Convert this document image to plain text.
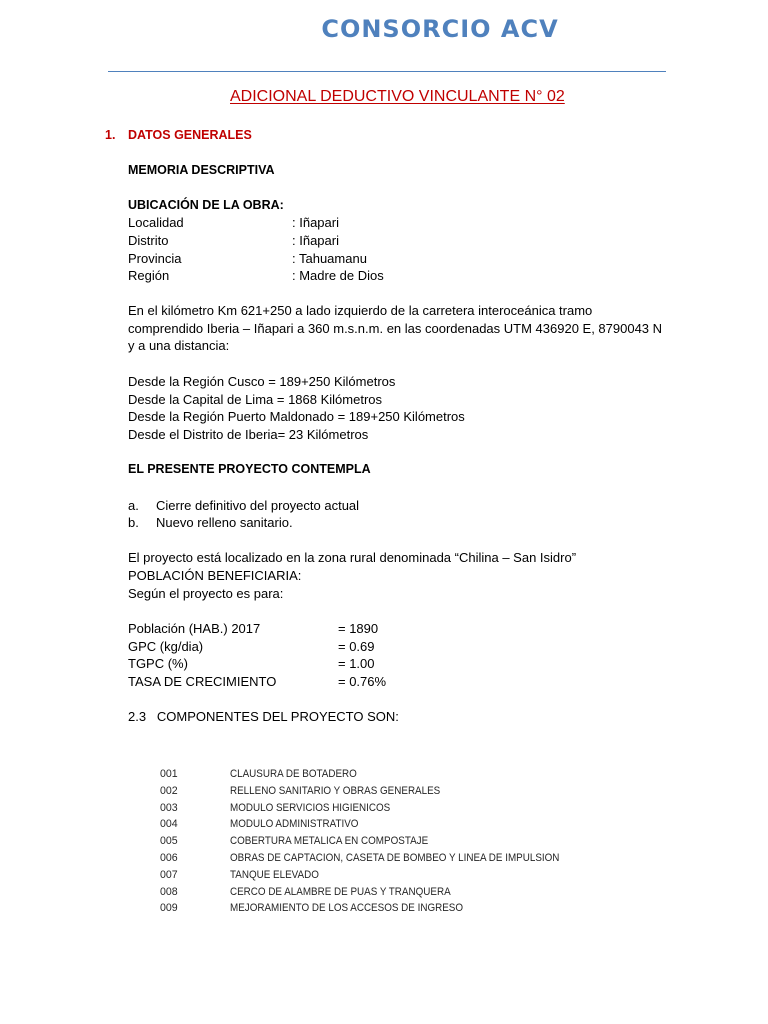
CONSORCIO ACV
ADICIONAL DEDUCTIVO VINCULANTE N° 02
1. DATOS GENERALES
MEMORIA DESCRIPTIVA
UBICACIÓN DE LA OBRA:
Localidad	: Iñapari
Distrito	: Iñapari
Provincia	: Tahuamanu
Región	: Madre de Dios
En el kilómetro Km 621+250 a lado izquierdo de la carretera interoceánica tramo comprendido Iberia – Iñapari a 360 m.s.n.m. en las coordenadas UTM 436920 E, 8790043 N y a una distancia:
Desde la Región Cusco = 189+250 Kilómetros
Desde la Capital de Lima = 1868 Kilómetros
Desde la Región Puerto Maldonado = 189+250 Kilómetros
Desde el Distrito de Iberia= 23 Kilómetros
EL PRESENTE PROYECTO CONTEMPLA
a. Cierre definitivo del proyecto actual
b. Nuevo relleno sanitario.
El proyecto está localizado en la zona rural denominada “Chilina – San Isidro”
POBLACIÓN BENEFICIARIA:
Según el proyecto es para:
Población (HAB.) 2017	= 1890
GPC (kg/dia)	= 0.69
TGPC (%)	= 1.00
TASA DE CRECIMIENTO	= 0.76%
2.3   COMPONENTES DEL PROYECTO SON:
001	CLAUSURA DE BOTADERO
002	RELLENO SANITARIO Y OBRAS GENERALES
003	MODULO SERVICIOS HIGIENICOS
004	MODULO ADMINISTRATIVO
005	COBERTURA METALICA EN COMPOSTAJE
006	OBRAS DE CAPTACION, CASETA DE BOMBEO Y LINEA DE IMPULSION
007	TANQUE ELEVADO
008	CERCO DE ALAMBRE DE PUAS Y TRANQUERA
009	MEJORAMIENTO DE LOS ACCESOS DE INGRESO
